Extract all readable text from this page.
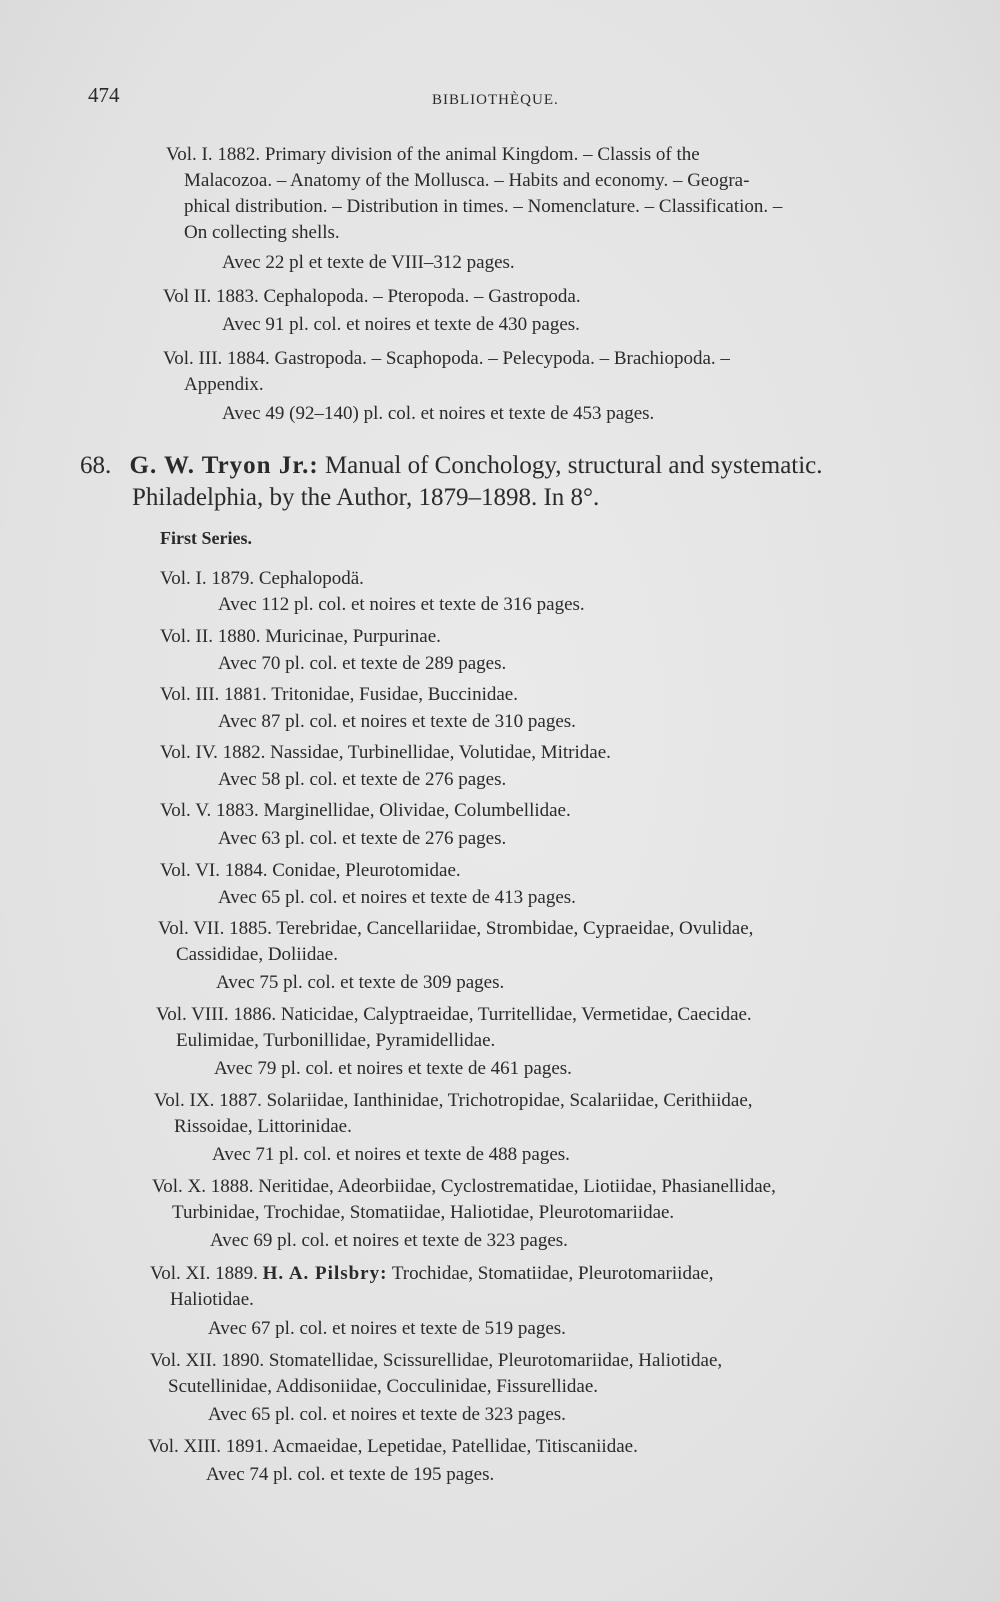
474	BIBLIOTHÈQUE.
Vol. I. 1882. Primary division of the animal Kingdom. – Classis of the
Malacozoa. – Anatomy of the Mollusca. – Habits and economy. – Geogra-
phical distribution. – Distribution in times. – Nomenclature. – Classification. –
On collecting shells.
Avec 22 pl et texte de VIII–312 pages.
Vol II. 1883. Cephalopoda. – Pteropoda. – Gastropoda.
Avec 91 pl. col. et noires et texte de 430 pages.
Vol. III. 1884. Gastropoda. – Scaphopoda. – Pelecypoda. – Brachiopoda. –
Appendix.
Avec 49 (92–140) pl. col. et noires et texte de 453 pages.
68. G. W. Tryon Jr.: Manual of Conchology, structural and systematic.
Philadelphia, by the Author, 1879–1898. In 8°.
First Series.
Vol. I. 1879. Cephalopodä.
Avec 112 pl. col. et noires et texte de 316 pages.
Vol. II. 1880. Muricinae, Purpurinae.
Avec 70 pl. col. et texte de 289 pages.
Vol. III. 1881. Tritonidae, Fusidae, Bucсinidae.
Avec 87 pl. col. et noires et texte de 310 pages.
Vol. IV. 1882. Nassidae, Turbinellidae, Volutidae, Mitridae.
Avec 58 pl. col. et texte de 276 pages.
Vol. V. 1883. Marginellidae, Olividae, Columbellidae.
Avec 63 pl. col. et texte de 276 pages.
Vol. VI. 1884. Conidae, Pleurotomidae.
Avec 65 pl. col. et noires et texte de 413 pages.
Vol. VII. 1885. Terebridae, Cancellariidae, Strombidae, Cypraeidae, Ovulidae,
Cassididae, Doliidae.
Avec 75 pl. col. et texte de 309 pages.
Vol. VIII. 1886. Naticidae, Calyptraeidae, Turritellidae, Vermetidae, Caecidae.
Eulimidae, Turbonillidae, Pyramidellidae.
Avec 79 pl. col. et noires et texte de 461 pages.
Vol. IX. 1887. Solariidae, Ianthinidae, Trichotropidae, Scalariidae, Cerithiidae,
Rissoidae, Littorinidae.
Avec 71 pl. col. et noires et texte de 488 pages.
Vol. X. 1888. Neritidae, Adeorbiidae, Cyclostrematidae, Liotiidae, Phasianellidae,
Turbinidae, Trochidae, Stomatiidae, Haliotidae, Pleurotomariidae.
Avec 69 pl. col. et noires et texte de 323 pages.
Vol. XI. 1889. H. A. Pilsbry: Trochidae, Stomatiidae, Pleurotomariidae,
Haliotidae.
Avec 67 pl. col. et noires et texte de 519 pages.
Vol. XII. 1890. Stomatellidae, Scissurellidae, Pleurotomariidae, Haliotidae,
Scutellinidae, Addisoniidae, Cocculinidae, Fissurellidae.
Avec 65 pl. col. et noires et texte de 323 pages.
Vol. XIII. 1891. Acmaeidae, Lepetidae, Patellidae, Titiscaniidae.
Avec 74 pl. col. et texte de 195 pages.
